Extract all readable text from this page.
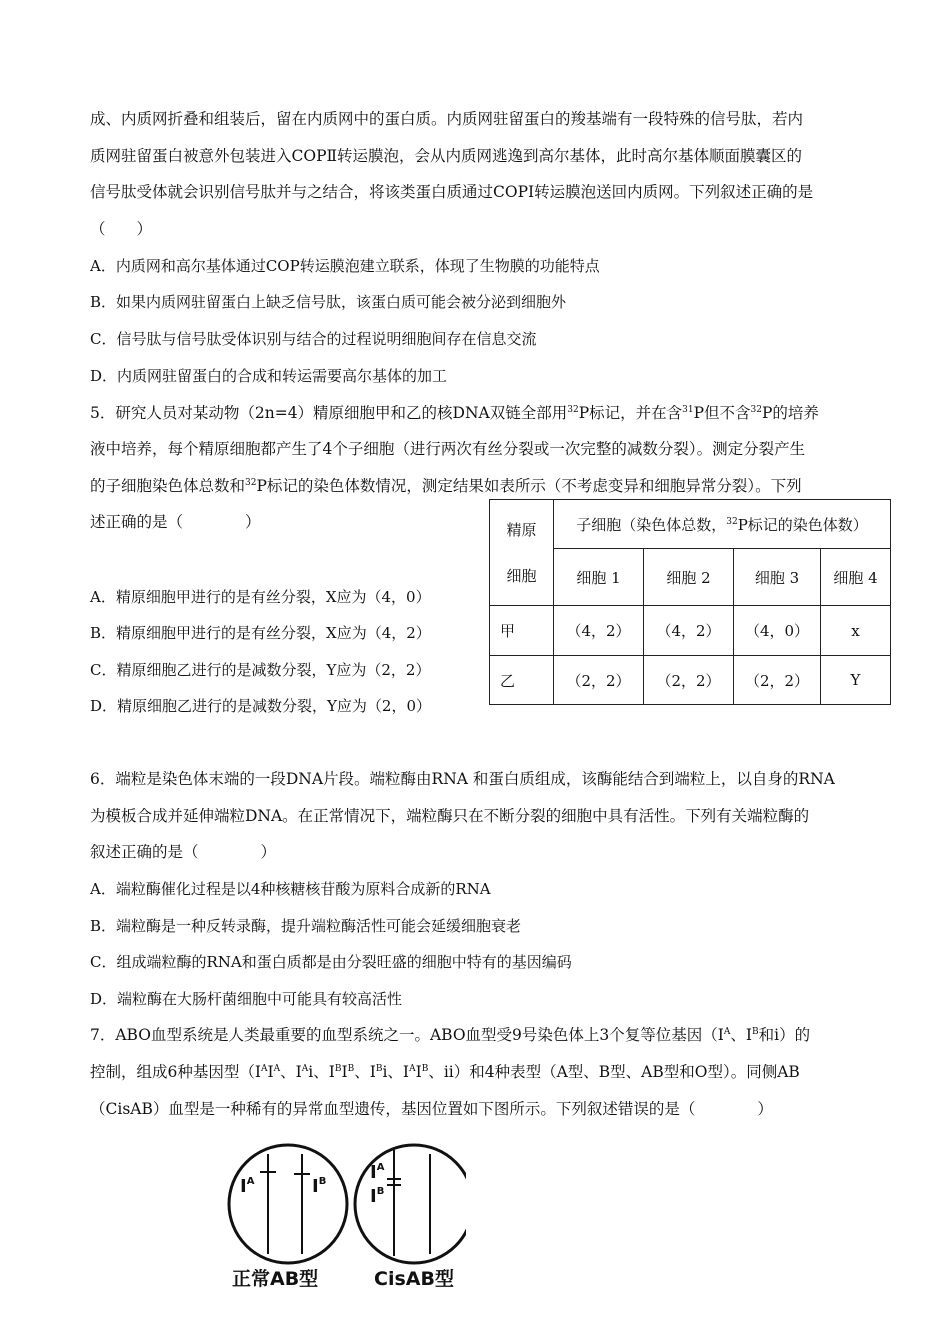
成、内质网折叠和组装后，留在内质网中的蛋白质。内质网驻留蛋白的羧基端有一段特殊的信号肽，若内
质网驻留蛋白被意外包装进入COPⅡ转运膜泡，会从内质网逃逸到高尔基体，此时高尔基体顺面膜囊区的
信号肽受体就会识别信号肽并与之结合，将该类蛋白质通过COPI转运膜泡送回内质网。下列叙述正确的是
（　　）
A．内质网和高尔基体通过COP转运膜泡建立联系，体现了生物膜的功能特点
B．如果内质网驻留蛋白上缺乏信号肽，该蛋白质可能会被分泌到细胞外
C．信号肽与信号肽受体识别与结合的过程说明细胞间存在信息交流
D．内质网驻留蛋白的合成和转运需要高尔基体的加工
5．研究人员对某动物（2n=4）精原细胞甲和乙的核DNA双链全部用$^{32}$P标记，并在含$^{31}$P但不含$^{32}$P的培养
液中培养，每个精原细胞都产生了4个子细胞（进行两次有丝分裂或一次完整的减数分裂）。测定分裂产生
的子细胞染色体总数和$^{32}$P标记的染色体数情况，测定结果如表所示（不考虑变异和细胞异常分裂）。下列
述正确的是（　　　　）
A．精原细胞甲进行的是有丝分裂，X应为（4，0）
B．精原细胞甲进行的是有丝分裂，X应为（4，2）
C．精原细胞乙进行的是减数分裂，Y应为（2，2）
D．精原细胞乙进行的是减数分裂，Y应为（2，0）
精原
细胞	子细胞（染色体总数，$^{32}$P标记的染色体数）			
	细胞 1	细胞 2	细胞 3	细胞 4
甲	（4，2）	（4，2）	（4，0）	x
乙	（2，2）	（2，2）	（2，2）	Y
6．端粒是染色体末端的一段DNA片段。端粒酶由RNA 和蛋白质组成，该酶能结合到端粒上，以自身的RNA
为模板合成并延伸端粒DNA。在正常情况下，端粒酶只在不断分裂的细胞中具有活性。下列有关端粒酶的
叙述正确的是（　　　　）
A．端粒酶催化过程是以4种核糖核苷酸为原料合成新的RNA
B．端粒酶是一种反转录酶，提升端粒酶活性可能会延缓细胞衰老
C．组成端粒酶的RNA和蛋白质都是由分裂旺盛的细胞中特有的基因编码
D．端粒酶在大肠杆菌细胞中可能具有较高活性
7．ABO血型系统是人类最重要的血型系统之一。ABO血型受9号染色体上3个复等位基因（$I^A$、$I^B$和i）的
控制，组成6种基因型（$I^AI^A$、$I^Ai$、$I^BI^B$、$I^Bi$、$I^AI^B$、ii）和4种表型（A型、B型、AB型和O型）。同侧AB
（CisAB）血型是一种稀有的异常血型遗传，基因位置如下图所示。下列叙述错误的是（　　　　）
$I^A$	$I^B$ $I^A$
$I^B$
正常AB型	CisAB型
